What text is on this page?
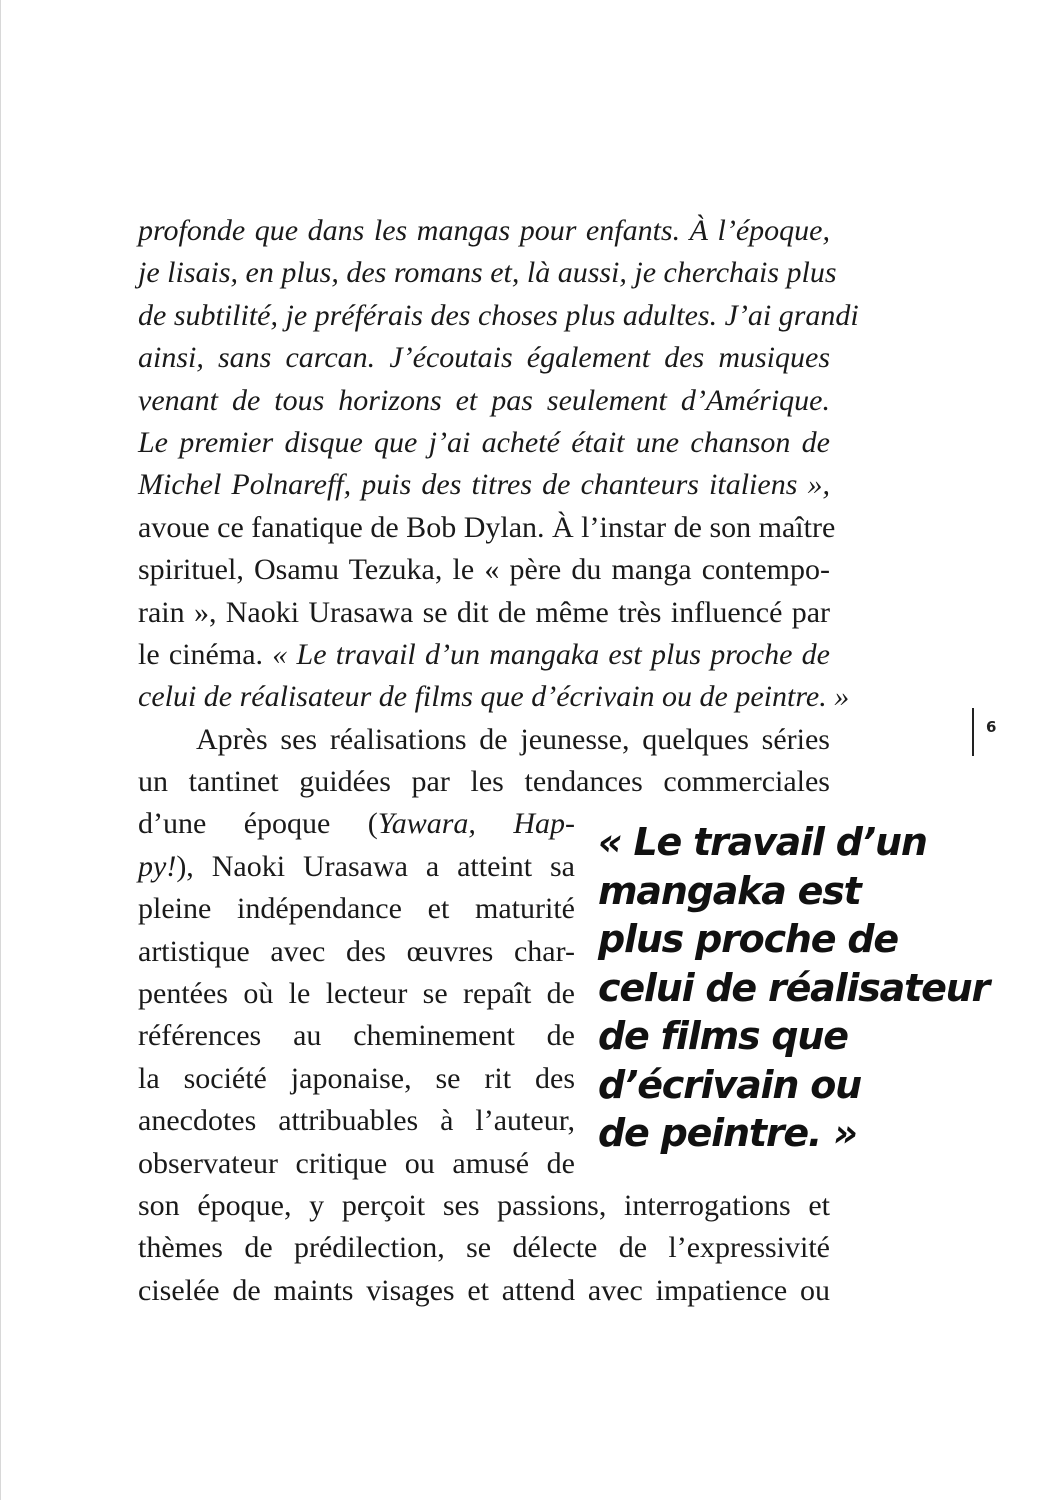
profonde que dans les mangas pour enfants. À l’époque,
je lisais, en plus, des romans et, là aussi, je cherchais plus
de subtilité, je préférais des choses plus adultes. J’ai grandi
ainsi, sans carcan. J’écoutais également des musiques
venant de tous horizons et pas seulement d’Amérique.
Le premier disque que j’ai acheté était une chanson de
Michel Polnareff, puis des titres de chanteurs italiens »,
avoue ce fanatique de Bob Dylan. À l’instar de son maître
spirituel, Osamu Tezuka, le « père du manga contempo-
rain », Naoki Urasawa se dit de même très influencé par
le cinéma. « Le travail d’un mangaka est plus proche de
celui de réalisateur de films que d’écrivain ou de peintre. »
Après ses réalisations de jeunesse, quelques séries
un tantinet guidées par les tendances commerciales
d’une époque (Yawara, Hap-
py!), Naoki Urasawa a atteint sa
pleine indépendance et maturité
artistique avec des œuvres char-
pentées où le lecteur se repaît de
références au cheminement de
la société japonaise, se rit des
anecdotes attribuables à l’auteur,
observateur critique ou amusé de
son époque, y perçoit ses passions, interrogations et
thèmes de prédilection, se délecte de l’expressivité
ciselée de maints visages et attend avec impatience ou
« Le travail d’un
mangaka est
plus proche de
celui de réalisateur
de films que
d’écrivain ou
de peintre. »
6
